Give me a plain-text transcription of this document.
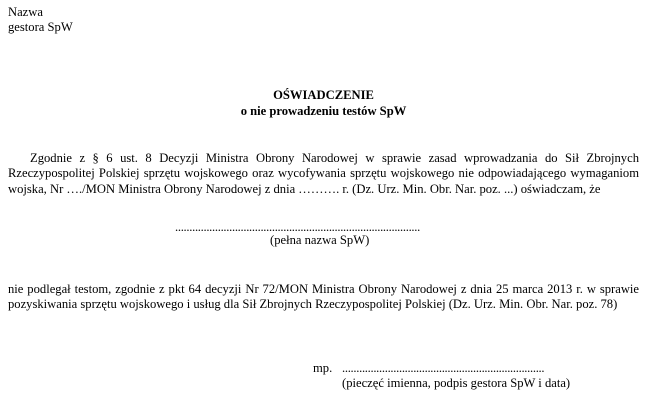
Nazwa
gestora SpW
OŚWIADCZENIE
o nie prowadzeniu testów SpW
Zgodnie z § 6 ust. 8 Decyzji Ministra Obrony Narodowej w sprawie zasad wprowadzania do Sił Zbrojnych Rzeczypospolitej Polskiej sprzętu wojskowego oraz wycofywania sprzętu wojskowego nie odpowiadającego wymaganiom wojska, Nr …./MON Ministra Obrony Narodowej z dnia ………. r. (Dz. Urz. Min. Obr. Nar. poz. ...) oświadczam, że
......................................................................................
(pełna nazwa SpW)
nie podlegał testom, zgodnie z pkt 64 decyzji Nr 72/MON Ministra Obrony Narodowej z dnia 25 marca 2013 r. w sprawie pozyskiwania sprzętu wojskowego i usług dla Sił Zbrojnych Rzeczypospolitej Polskiej (Dz. Urz. Min. Obr. Nar. poz. 78)
mp. .......................................................................
(pieczęć imienna, podpis gestora SpW i data)
